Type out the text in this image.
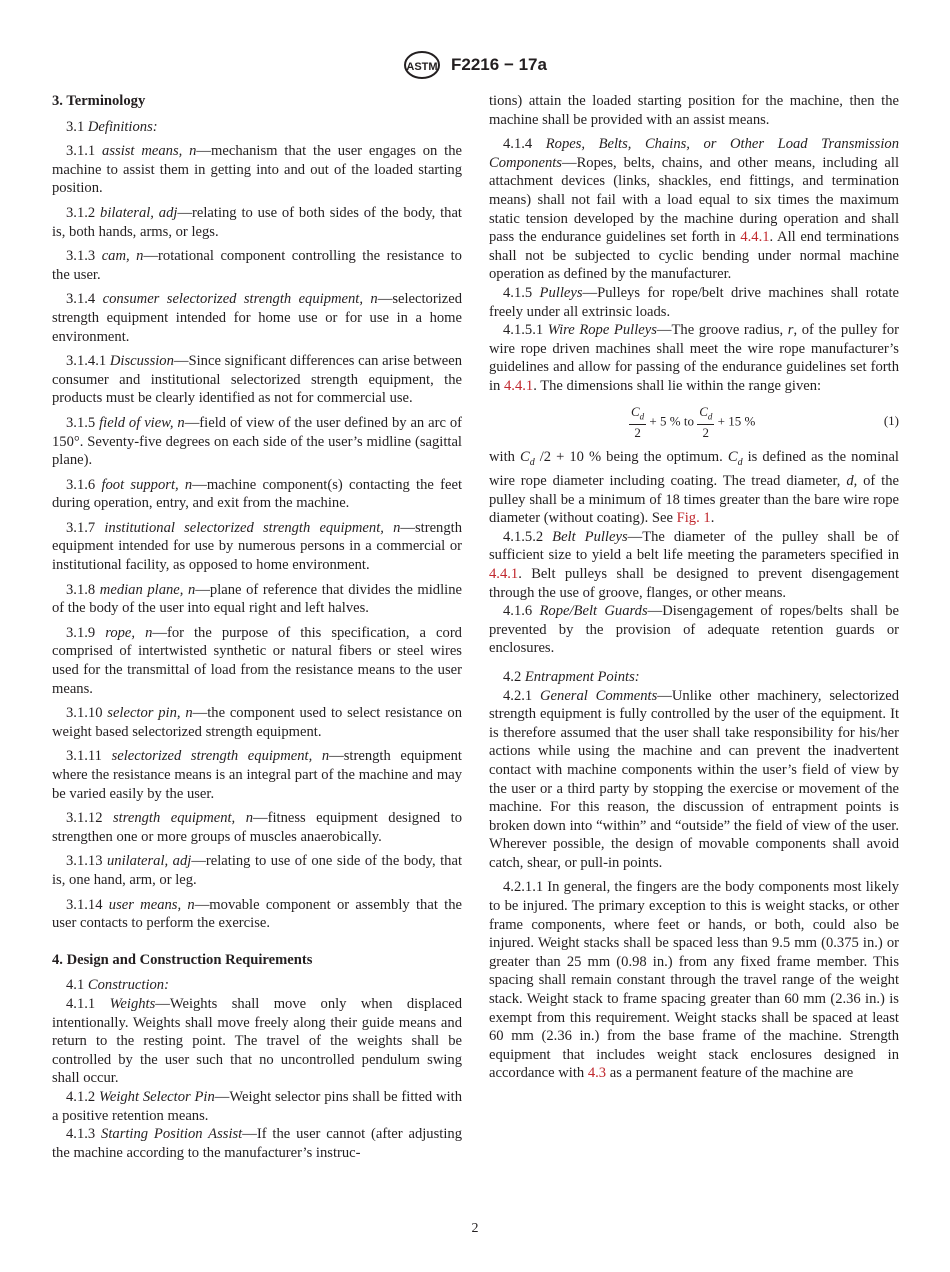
ASTM F2216 − 17a
3. Terminology

3.1 Definitions:

3.1.1 assist means, n—mechanism that the user engages on the machine to assist them in getting into and out of the loaded starting position.

3.1.2 bilateral, adj—relating to use of both sides of the body, that is, both hands, arms, or legs.

3.1.3 cam, n—rotational component controlling the resistance to the user.

3.1.4 consumer selectorized strength equipment, n—selectorized strength equipment intended for home use or for use in a home environment.

3.1.4.1 Discussion—Since significant differences can arise between consumer and institutional selectorized strength equipment, the products must be clearly identified as not for commercial use.

3.1.5 field of view, n—field of view of the user defined by an arc of 150°. Seventy-five degrees on each side of the user’s midline (sagittal plane).

3.1.6 foot support, n—machine component(s) contacting the feet during operation, entry, and exit from the machine.

3.1.7 institutional selectorized strength equipment, n—strength equipment intended for use by numerous persons in a commercial or institutional facility, as opposed to home environment.

3.1.8 median plane, n—plane of reference that divides the midline of the body of the user into equal right and left halves.

3.1.9 rope, n—for the purpose of this specification, a cord comprised of intertwisted synthetic or natural fibers or steel wires used for the transmittal of load from the resistance means to the user means.

3.1.10 selector pin, n—the component used to select resistance on weight based selectorized strength equipment.

3.1.11 selectorized strength equipment, n—strength equipment where the resistance means is an integral part of the machine and may be varied easily by the user.

3.1.12 strength equipment, n—fitness equipment designed to strengthen one or more groups of muscles anaerobically.

3.1.13 unilateral, adj—relating to use of one side of the body, that is, one hand, arm, or leg.

3.1.14 user means, n—movable component or assembly that the user contacts to perform the exercise.

4. Design and Construction Requirements

4.1 Construction:

4.1.1 Weights—Weights shall move only when displaced intentionally. Weights shall move freely along their guide means and return to the resting point. The travel of the weights shall be controlled by the user such that no uncontrolled pendulum swing shall occur.

4.1.2 Weight Selector Pin—Weight selector pins shall be fitted with a positive retention means.

4.1.3 Starting Position Assist—If the user cannot (after adjusting the machine according to the manufacturer’s instruc-

tions) attain the loaded starting position for the machine, then the machine shall be provided with an assist means.

4.1.4 Ropes, Belts, Chains, or Other Load Transmission Components—Ropes, belts, chains, and other means, including all attachment devices (links, shackles, end fittings, and termination means) shall not fail with a load equal to six times the maximum static tension developed by the machine during operation and shall pass the endurance guidelines set forth in 4.4.1. All end terminations shall not be subjected to cyclic bending under normal machine operation as defined by the manufacturer.

4.1.5 Pulleys—Pulleys for rope/belt drive machines shall rotate freely under all extrinsic loads.

4.1.5.1 Wire Rope Pulleys—The groove radius, r, of the pulley for wire rope driven machines shall meet the wire rope manufacturer’s guidelines and allow for passing of the endurance guidelines set forth in 4.4.1. The dimensions shall lie within the range given:

$\frac{C_d}{2} + 5$ % to $\frac{C_d}{2} + 15$ %	(1)

with $C_d$ /2 + 10 % being the optimum. $C_d$ is defined as the nominal wire rope diameter including coating. The tread diameter, d, of the pulley shall be a minimum of 18 times greater than the bare wire rope diameter (without coating). See Fig. 1.

4.1.5.2 Belt Pulleys—The diameter of the pulley shall be of sufficient size to yield a belt life meeting the parameters specified in 4.4.1. Belt pulleys shall be designed to prevent disengagement through the use of groove, flanges, or other means.

4.1.6 Rope/Belt Guards—Disengagement of ropes/belts shall be prevented by the provision of adequate retention guards or enclosures.

4.2 Entrapment Points:

4.2.1 General Comments—Unlike other machinery, selectorized strength equipment is fully controlled by the user of the equipment. It is therefore assumed that the user shall take responsibility for his/her actions while using the machine and can prevent the inadvertent contact with machine components within the user’s field of view by the user or a third party by stopping the exercise or movement of the machine. For this reason, the discussion of entrapment points is broken down into “within” and “outside” the field of view of the user. Wherever possible, the design of movable components shall avoid catch, shear, or pull-in points.

4.2.1.1 In general, the fingers are the body components most likely to be injured. The primary exception to this is weight stacks, or other frame components, where feet or hands, or both, could also be injured. Weight stacks shall be spaced less than 9.5 mm (0.375 in.) or greater than 25 mm (0.98 in.) from any fixed frame member. This spacing shall remain constant through the travel range of the weight stack. Weight stack to frame spacing greater than 60 mm (2.36 in.) is exempt from this requirement. Weight stacks shall be spaced at least 60 mm (2.36 in.) from the base frame of the machine. Strength equipment that includes weight stack enclosures designed in accordance with 4.3 as a permanent feature of the machine are

2
